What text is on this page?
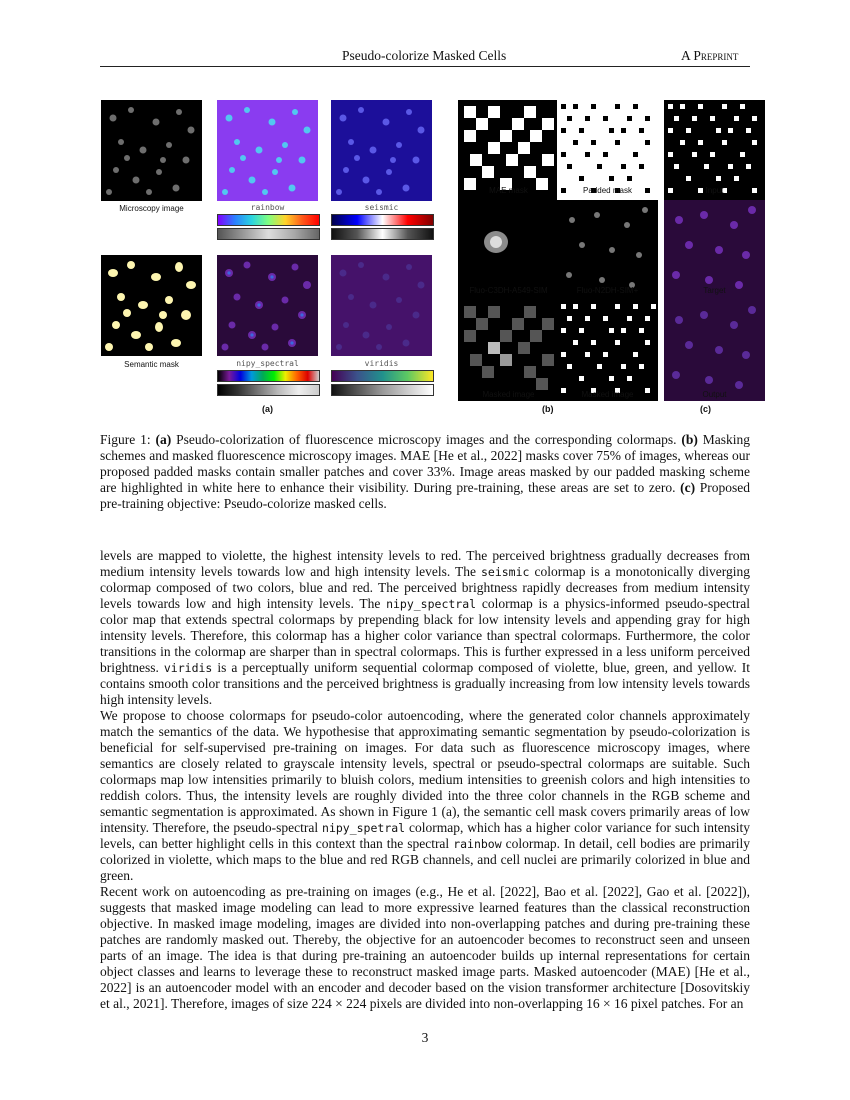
Pseudo-colorize Masked Cells	A Preprint
Microscopy image	rainbow	seismic
Semantic mask	nipy_spectral	viridis
(a)
MAE mask	Padded mask
Fluo-C3DH-A549-SIM	Fluo-N2DH-SIM+
Masked image	Masked image
(b)
Input
Target
Output
(c)
Figure 1: (a) Pseudo-colorization of fluorescence microscopy images and the corresponding colormaps. (b) Masking schemes and masked fluorescence microscopy images. MAE [He et al., 2022] masks cover 75% of images, whereas our proposed padded masks contain smaller patches and cover 33%. Image areas masked by our padded masking scheme are highlighted in white here to enhance their visibility. During pre-training, these areas are set to zero. (c) Proposed pre-training objective: Pseudo-colorize masked cells.

levels are mapped to violette, the highest intensity levels to red. The perceived brightness gradually decreases from medium intensity levels towards low and high intensity levels. The seismic colormap is a monotonically diverging colormap composed of two colors, blue and red. The perceived brightness rapidly decreases from medium intensity levels towards low and high intensity levels. The nipy_spectral colormap is a physics-informed pseudo-spectral color map that extends spectral colormaps by prepending black for low intensity levels and appending gray for high intensity levels. Therefore, this colormap has a higher color variance than spectral colormaps. Furthermore, the color transitions in the colormap are sharper than in spectral colormaps. This is further expressed in a less uniform perceived brightness. viridis is a perceptually uniform sequential colormap composed of violette, blue, green, and yellow. It contains smooth color transitions and the perceived brightness is gradually increasing from low intensity levels towards high intensity levels.

We propose to choose colormaps for pseudo-color autoencoding, where the generated color channels approximately match the semantics of the data. We hypothesise that approximating semantic segmentation by pseudo-colorization is beneficial for self-supervised pre-training on images. For data such as fluorescence microscopy images, where semantics are closely related to grayscale intensity levels, spectral or pseudo-spectral colormaps are suitable. Such colormaps map low intensities primarily to bluish colors, medium intensities to greenish colors and high intensities to reddish colors. Thus, the intensity levels are roughly divided into the three color channels in the RGB scheme and semantic segmentation is approximated. As shown in Figure 1 (a), the semantic cell mask covers primarily areas of low intensity. Therefore, the pseudo-spectral nipy_spetral colormap, which has a higher color variance for such intensity levels, can better highlight cells in this context than the spectral rainbow colormap. In detail, cell bodies are primarily colorized in violette, which maps to the blue and red RGB channels, and cell nuclei are primarily colorized in blue and green.

Recent work on autoencoding as pre-training on images (e.g., He et al. [2022], Bao et al. [2022], Gao et al. [2022]), suggests that masked image modeling can lead to more expressive learned features than the classical reconstruction objective. In masked image modeling, images are divided into non-overlapping patches and during pre-training these patches are randomly masked out. Thereby, the objective for an autoencoder becomes to reconstruct seen and unseen parts of an image. The idea is that during pre-training an autoencoder builds up internal representations for certain object classes and learns to leverage these to reconstruct masked image parts. Masked autoencoder (MAE) [He et al., 2022] is an autoencoder model with an encoder and decoder based on the vision transformer architecture [Dosovitskiy et al., 2021]. Therefore, images of size 224 × 224 pixels are divided into non-overlapping 16 × 16 pixel patches. For an

3
